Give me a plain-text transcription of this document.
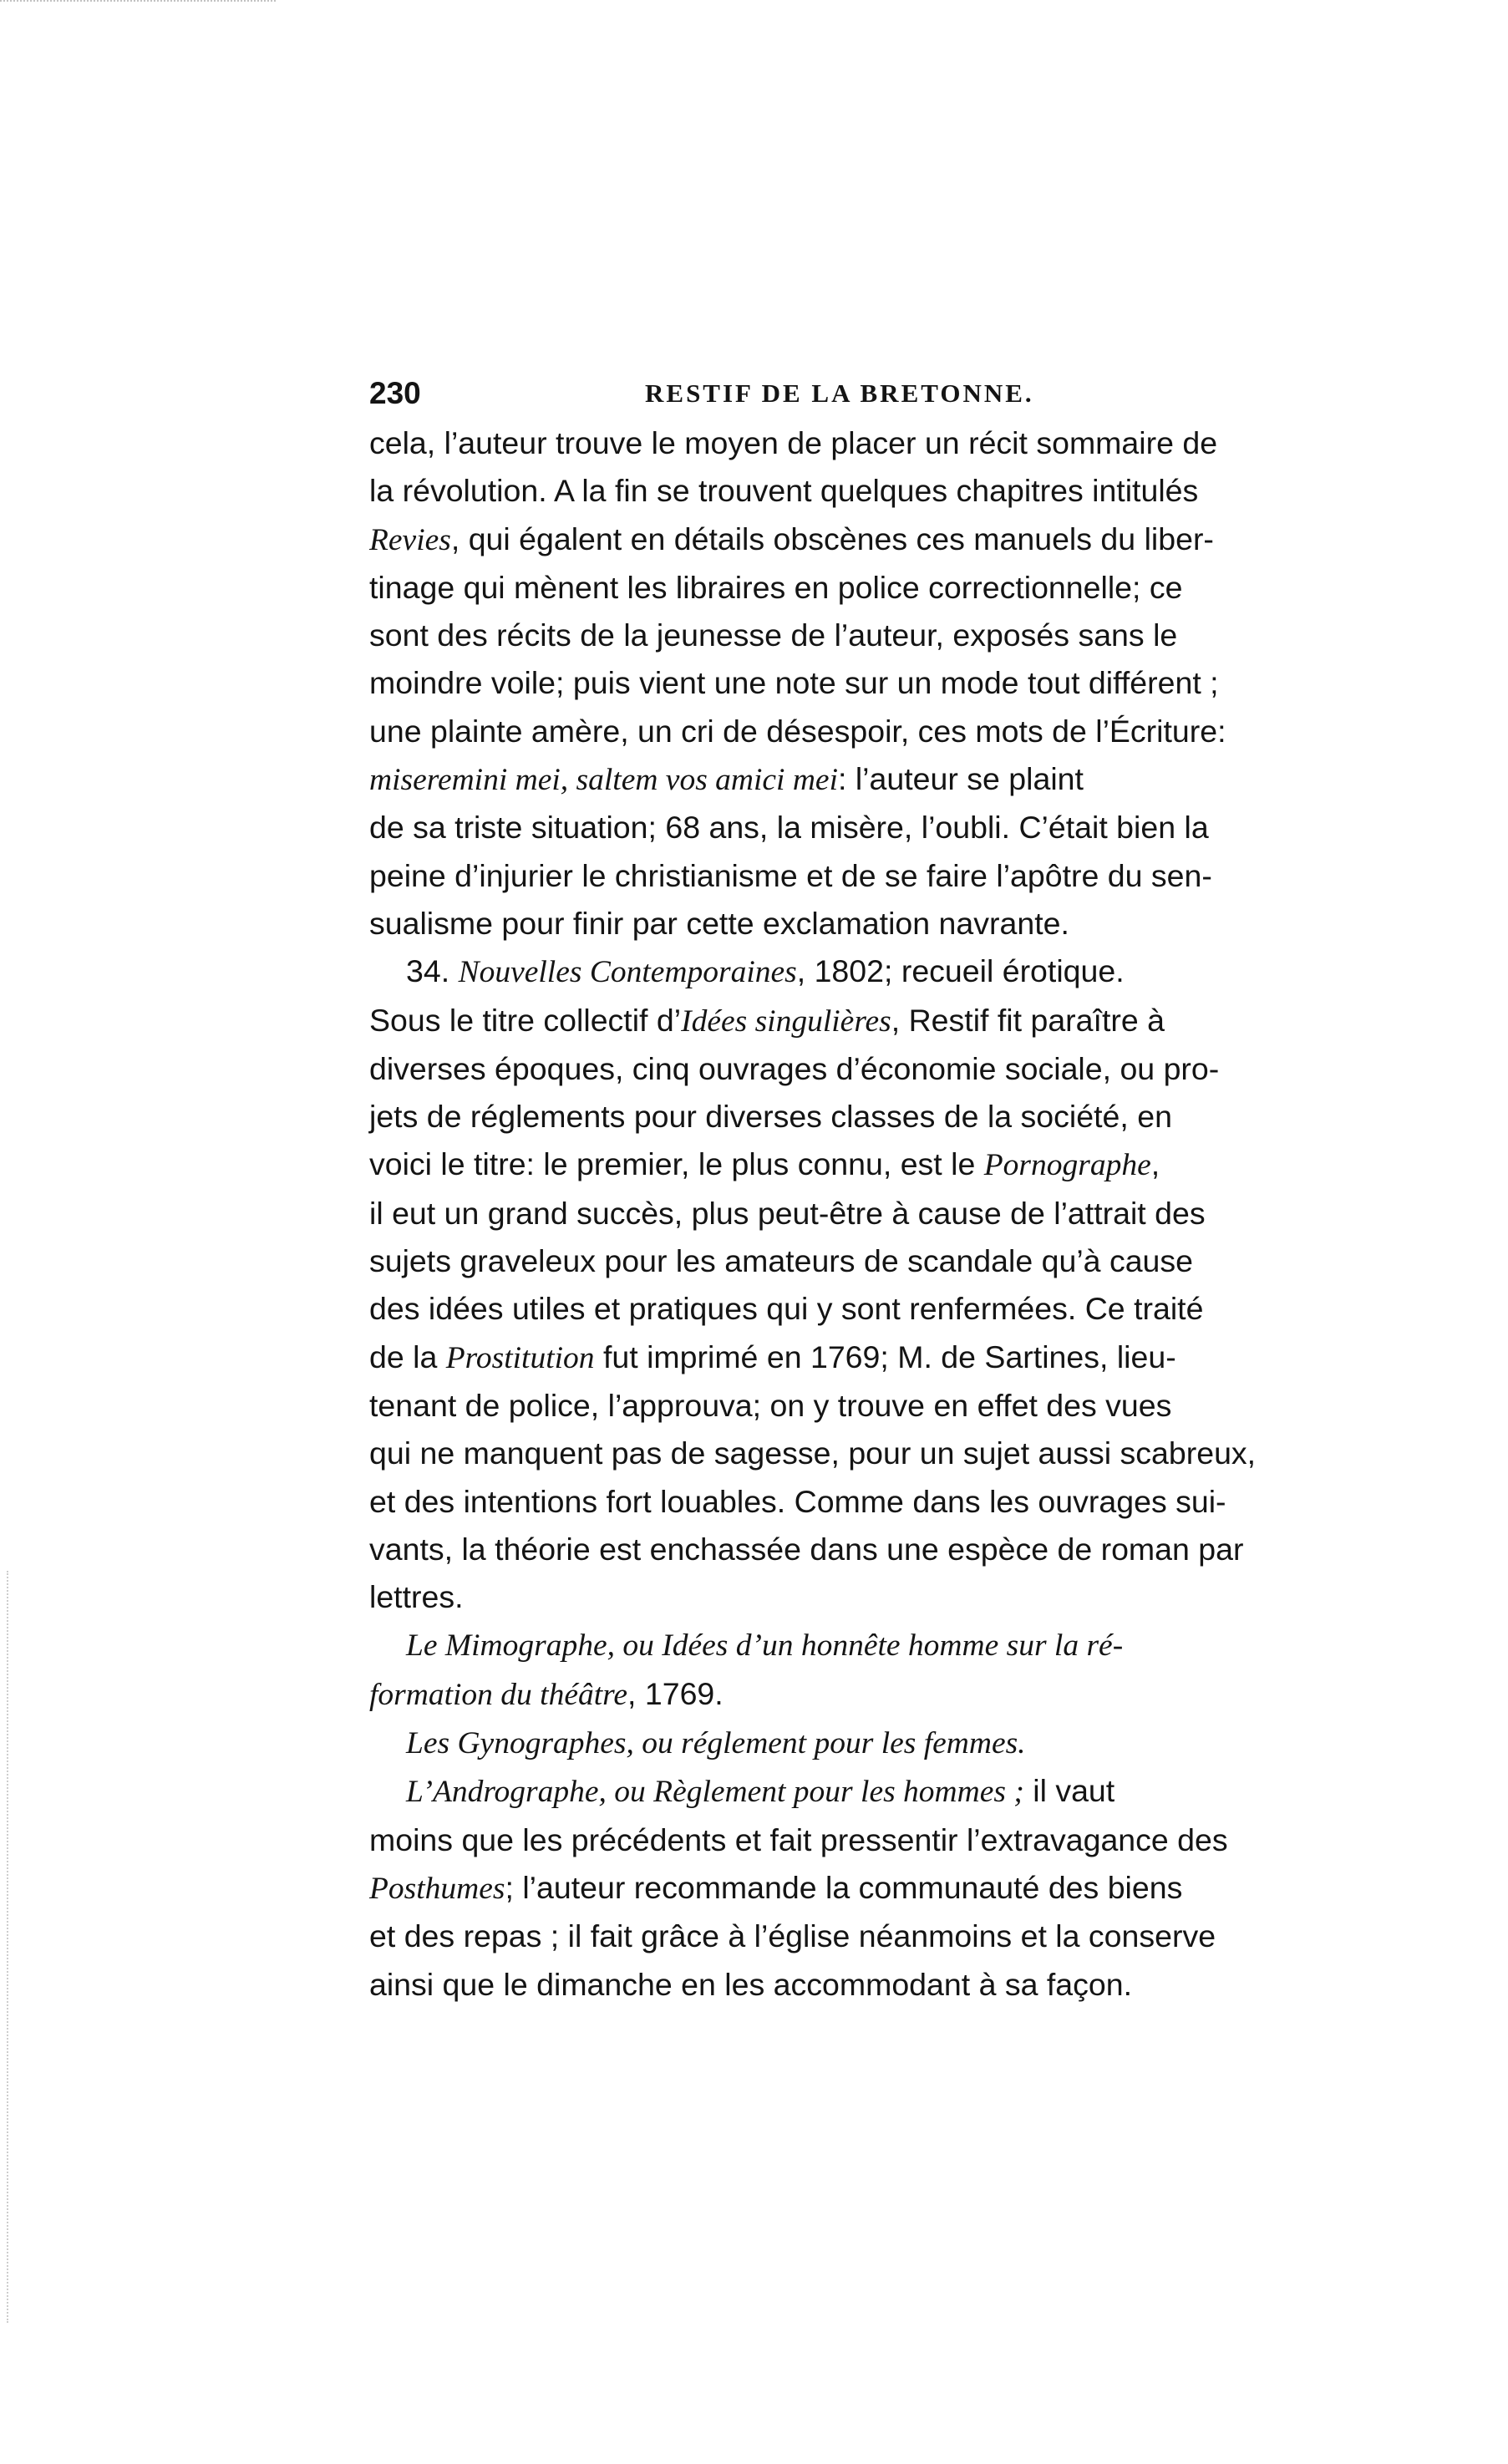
230	RESTIF DE LA BRETONNE.

cela, l’auteur trouve le moyen de placer un récit sommaire de
la révolution. A la fin se trouvent quelques chapitres intitulés
Revies, qui égalent en détails obscènes ces manuels du liber-
tinage qui mènent les libraires en police correctionnelle; ce
sont des récits de la jeunesse de l’auteur, exposés sans le
moindre voile; puis vient une note sur un mode tout différent ;
une plainte amère, un cri de désespoir, ces mots de l’Écriture:
miseremini mei, saltem vos amici mei: l’auteur se plaint
de sa triste situation; 68 ans, la misère, l’oubli. C’était bien la
peine d’injurier le christianisme et de se faire l’apôtre du sen-
sualisme pour finir par cette exclamation navrante.

34. Nouvelles Contemporaines, 1802; recueil érotique.

Sous le titre collectif d’Idées singulières, Restif fit paraître à
diverses époques, cinq ouvrages d’économie sociale, ou pro-
jets de réglements pour diverses classes de la société, en
voici le titre: le premier, le plus connu, est le Pornographe,
il eut un grand succès, plus peut-être à cause de l’attrait des
sujets graveleux pour les amateurs de scandale qu’à cause
des idées utiles et pratiques qui y sont renfermées. Ce traité
de la Prostitution fut imprimé en 1769; M. de Sartines, lieu-
tenant de police, l’approuva; on y trouve en effet des vues
qui ne manquent pas de sagesse, pour un sujet aussi scabreux,
et des intentions fort louables. Comme dans les ouvrages sui-
vants, la théorie est enchassée dans une espèce de roman par
lettres.

Le Mimographe, ou Idées d’un honnête homme sur la ré-
formation du théâtre, 1769.

Les Gynographes, ou réglement pour les femmes.

L’Andrographe, ou Règlement pour les hommes ; il vaut
moins que les précédents et fait pressentir l’extravagance des
Posthumes; l’auteur recommande la communauté des biens
et des repas ; il fait grâce à l’église néanmoins et la conserve
ainsi que le dimanche en les accommodant à sa façon.
